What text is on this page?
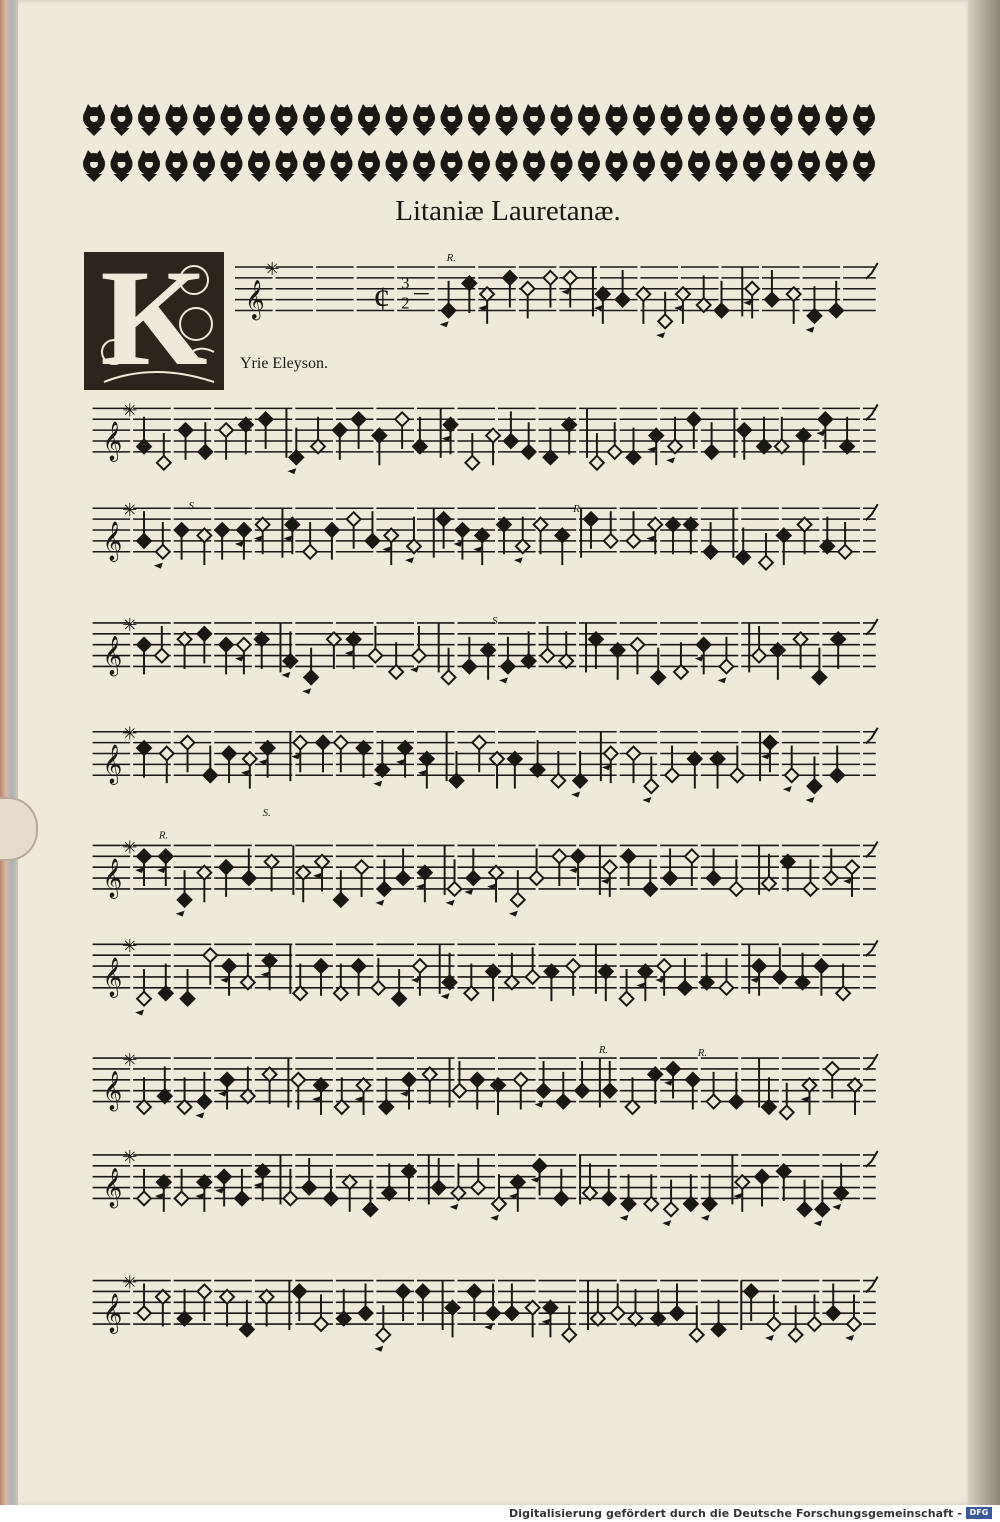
Litaniæ Lauretanæ.
K	Yrie Eleyson.
𝄞
✳
𝄞
✳
𝄞
✳
𝄞
✳
𝄞
✳
𝄞
✳
𝄞
✳
𝄞
✳
𝄞
✳
𝄞
✳
3
2
¢
R.
S.	R.
S
R.
S.
R.
R.
Digitalisierung gefördert durch die Deutsche Forschungsgemeinschaft - DFG
